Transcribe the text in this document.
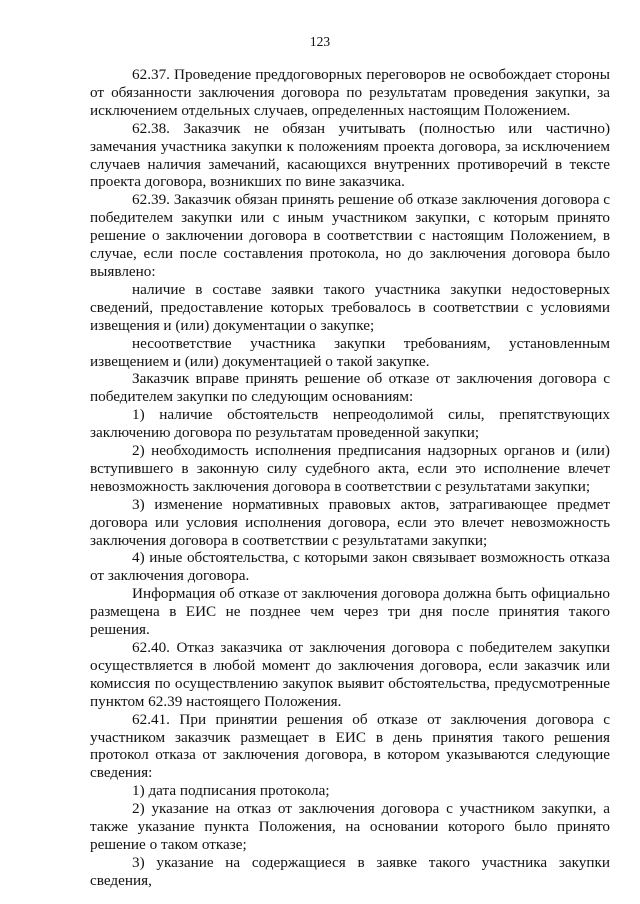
123

62.37. Проведение преддоговорных переговоров не освобождает стороны от обязанности заключения договора по результатам проведения закупки, за исключением отдельных случаев, определенных настоящим Положением.

62.38. Заказчик не обязан учитывать (полностью или частично) замечания участника закупки к положениям проекта договора, за исключением случаев наличия замечаний, касающихся внутренних противоречий в тексте проекта договора, возникших по вине заказчика.

62.39. Заказчик обязан принять решение об отказе заключения договора с победителем закупки или с иным участником закупки, с которым принято решение о заключении договора в соответствии с настоящим Положением, в случае, если после составления протокола, но до заключения договора было выявлено:

наличие в составе заявки такого участника закупки недостоверных сведений, предоставление которых требовалось в соответствии с условиями извещения и (или) документации о закупке;

несоответствие участника закупки требованиям, установленным извещением и (или) документацией о такой закупке.

Заказчик вправе принять решение об отказе от заключения договора с победителем закупки по следующим основаниям:

1) наличие обстоятельств непреодолимой силы, препятствующих заключению договора по результатам проведенной закупки;

2) необходимость исполнения предписания надзорных органов и (или) вступившего в законную силу судебного акта, если это исполнение влечет невозможность заключения договора в соответствии с результатами закупки;

3) изменение нормативных правовых актов, затрагивающее предмет договора или условия исполнения договора, если это влечет невозможность заключения договора в соответствии с результатами закупки;

4) иные обстоятельства, с которыми закон связывает возможность отказа от заключения договора.

Информация об отказе от заключения договора должна быть официально размещена в ЕИС не позднее чем через три дня после принятия такого решения.

62.40. Отказ заказчика от заключения договора с победителем закупки осуществляется в любой момент до заключения договора, если заказчик или комиссия по осуществлению закупок выявит обстоятельства, предусмотренные пунктом 62.39 настоящего Положения.

62.41. При принятии решения об отказе от заключения договора с участником заказчик размещает в ЕИС в день принятия такого решения протокол отказа от заключения договора, в котором указываются следующие сведения:

1) дата подписания протокола;

2) указание на отказ от заключения договора с участником закупки, а также указание пункта Положения, на основании которого было принято решение о таком отказе;

3) указание на содержащиеся в заявке такого участника закупки сведения,
